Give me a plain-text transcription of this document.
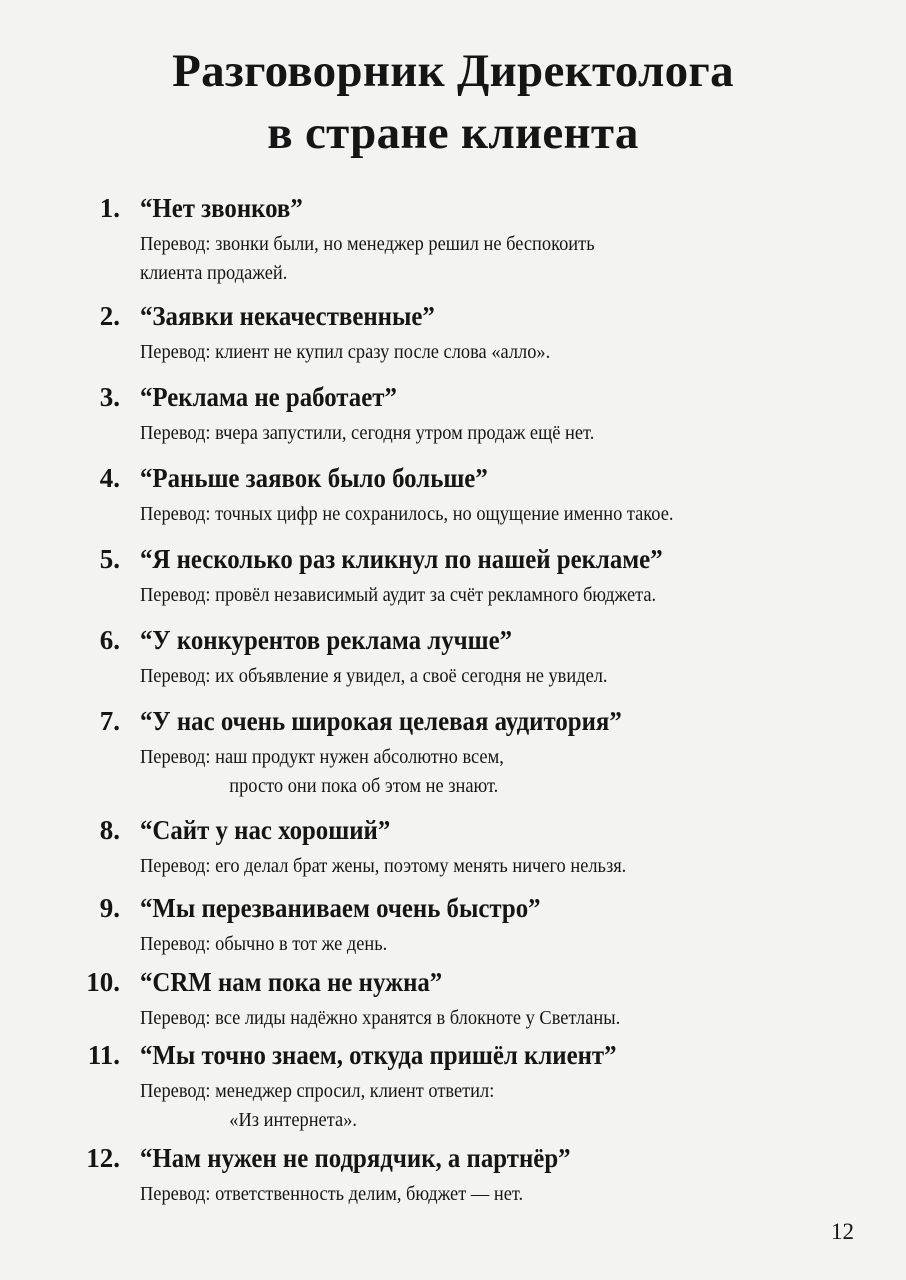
Разговорник Директолога
в стране клиента
1. “Нет звонков”
Перевод: звонки были, но менеджер решил не беспокоить
клиента продажей.
2. “Заявки некачественные”
Перевод: клиент не купил сразу после слова «алло».
3. “Реклама не работает”
Перевод: вчера запустили, сегодня утром продаж ещё нет.
4. “Раньше заявок было больше”
Перевод: точных цифр не сохранилось, но ощущение именно такое.
5. “Я несколько раз кликнул по нашей рекламе”
Перевод: провёл независимый аудит за счёт рекламного бюджета.
6. “У конкурентов реклама лучше”
Перевод: их объявление я увидел, а своё сегодня не увидел.
7. “У нас очень широкая целевая аудитория”
Перевод: наш продукт нужен абсолютно всем,
просто они пока об этом не знают.
8. “Сайт у нас хороший”
Перевод: его делал брат жены, поэтому менять ничего нельзя.
9. “Мы перезваниваем очень быстро”
Перевод: обычно в тот же день.
10. “CRM нам пока не нужна”
Перевод: все лиды надёжно хранятся в блокноте у Светланы.
11. “Мы точно знаем, откуда пришёл клиент”
Перевод: менеджер спросил, клиент ответил:
«Из интернета».
12. “Нам нужен не подрядчик, а партнёр”
Перевод: ответственность делим, бюджет — нет.
12
